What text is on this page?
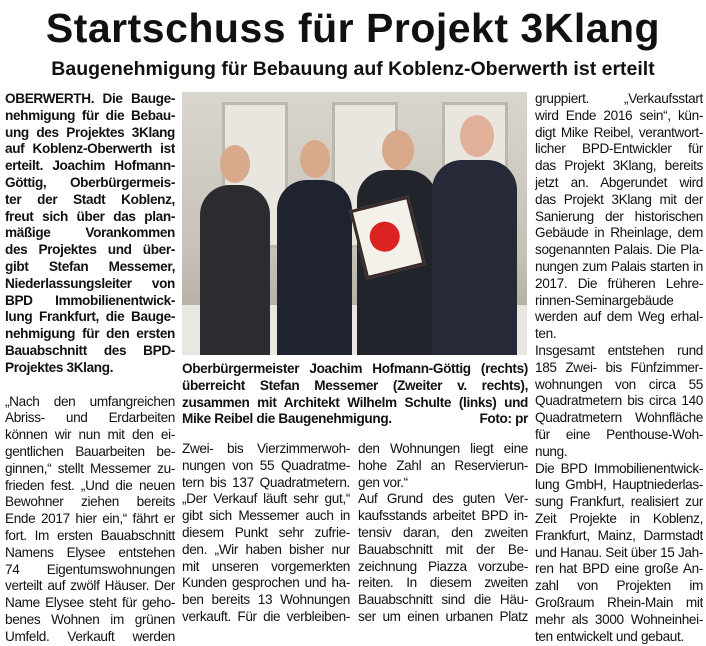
Startschuss für Projekt 3Klang
Baugenehmigung für Bebauung auf Koblenz-Oberwerth ist erteilt
OBERWERTH. Die Bauge-
nehmigung für die Bebau-
ung des Projektes 3Klang
auf Koblenz-Oberwerth ist
erteilt. Joachim Hofmann-
Göttig, Oberbürgermeis-
ter der Stadt Koblenz,
freut sich über das plan-
mäßige Vorankommen
des Projektes und über-
gibt Stefan Messemer,
Niederlassungsleiter von
BPD Immobilienentwick-
lung Frankfurt, die Bauge-
nehmigung für den ersten
Bauabschnitt des BPD-
Projektes 3Klang.
„Nach den umfangreichen
Abriss- und Erdarbeiten
können wir nun mit den ei-
gentlichen Bauarbeiten be-
ginnen,“ stellt Messemer zu-
frieden fest. „Und die neuen
Bewohner ziehen bereits
Ende 2017 hier ein,“ fährt er
fort. Im ersten Bauabschnitt
Namens Elysee entstehen
74 Eigentumswohnungen
verteilt auf zwölf Häuser. Der
Name Elysee steht für geho-
benes Wohnen im grünen
Umfeld. Verkauft werden
Oberbürgermeister Joachim Hofmann-Göttig (rechts) überreicht Stefan Messemer (Zweiter v. rechts), zusammen mit Architekt Wilhelm Schulte (links) und Mike Reibel die Baugenehmigung.	Foto: pr
Zwei- bis Vierzimmerwoh-
nungen von 55 Quadratme-
tern bis 137 Quadratmetern.
„Der Verkauf läuft sehr gut,“
gibt sich Messemer auch in
diesem Punkt sehr zufrie-
den. „Wir haben bisher nur
mit unseren vorgemerkten
Kunden gesprochen und ha-
ben bereits 13 Wohnungen
verkauft. Für die verbleiben-
den Wohnungen liegt eine
hohe Zahl an Reservierun-
gen vor.“
Auf Grund des guten Ver-
kaufsstands arbeitet BPD in-
tensiv daran, den zweiten
Bauabschnitt mit der Be-
zeichnung Piazza vorzube-
reiten. In diesem zweiten
Bauabschnitt sind die Häu-
ser um einen urbanen Platz
gruppiert. „Verkaufsstart
wird Ende 2016 sein“, kün-
digt Mike Reibel, verantwort-
licher BPD-Entwickler für
das Projekt 3Klang, bereits
jetzt an. Abgerundet wird
das Projekt 3Klang mit der
Sanierung der historischen
Gebäude in Rheinlage, dem
sogenannten Palais. Die Pla-
nungen zum Palais starten in
2017. Die früheren Lehre-
rinnen-Seminargebäude
werden auf dem Weg erhal-
ten.
Insgesamt entstehen rund
185 Zwei- bis Fünfzimmer-
wohnungen von circa 55
Quadratmetern bis circa 140
Quadratmetern Wohnfläche
für eine Penthouse-Woh-
nung.
Die BPD Immobilienentwick-
lung GmbH, Hauptniederlas-
sung Frankfurt, realisiert zur
Zeit Projekte in Koblenz,
Frankfurt, Mainz, Darmstadt
und Hanau. Seit über 15 Jah-
ren hat BPD eine große An-
zahl von Projekten im
Großraum Rhein-Main mit
mehr als 3000 Wohneinhei-
ten entwickelt und gebaut.
